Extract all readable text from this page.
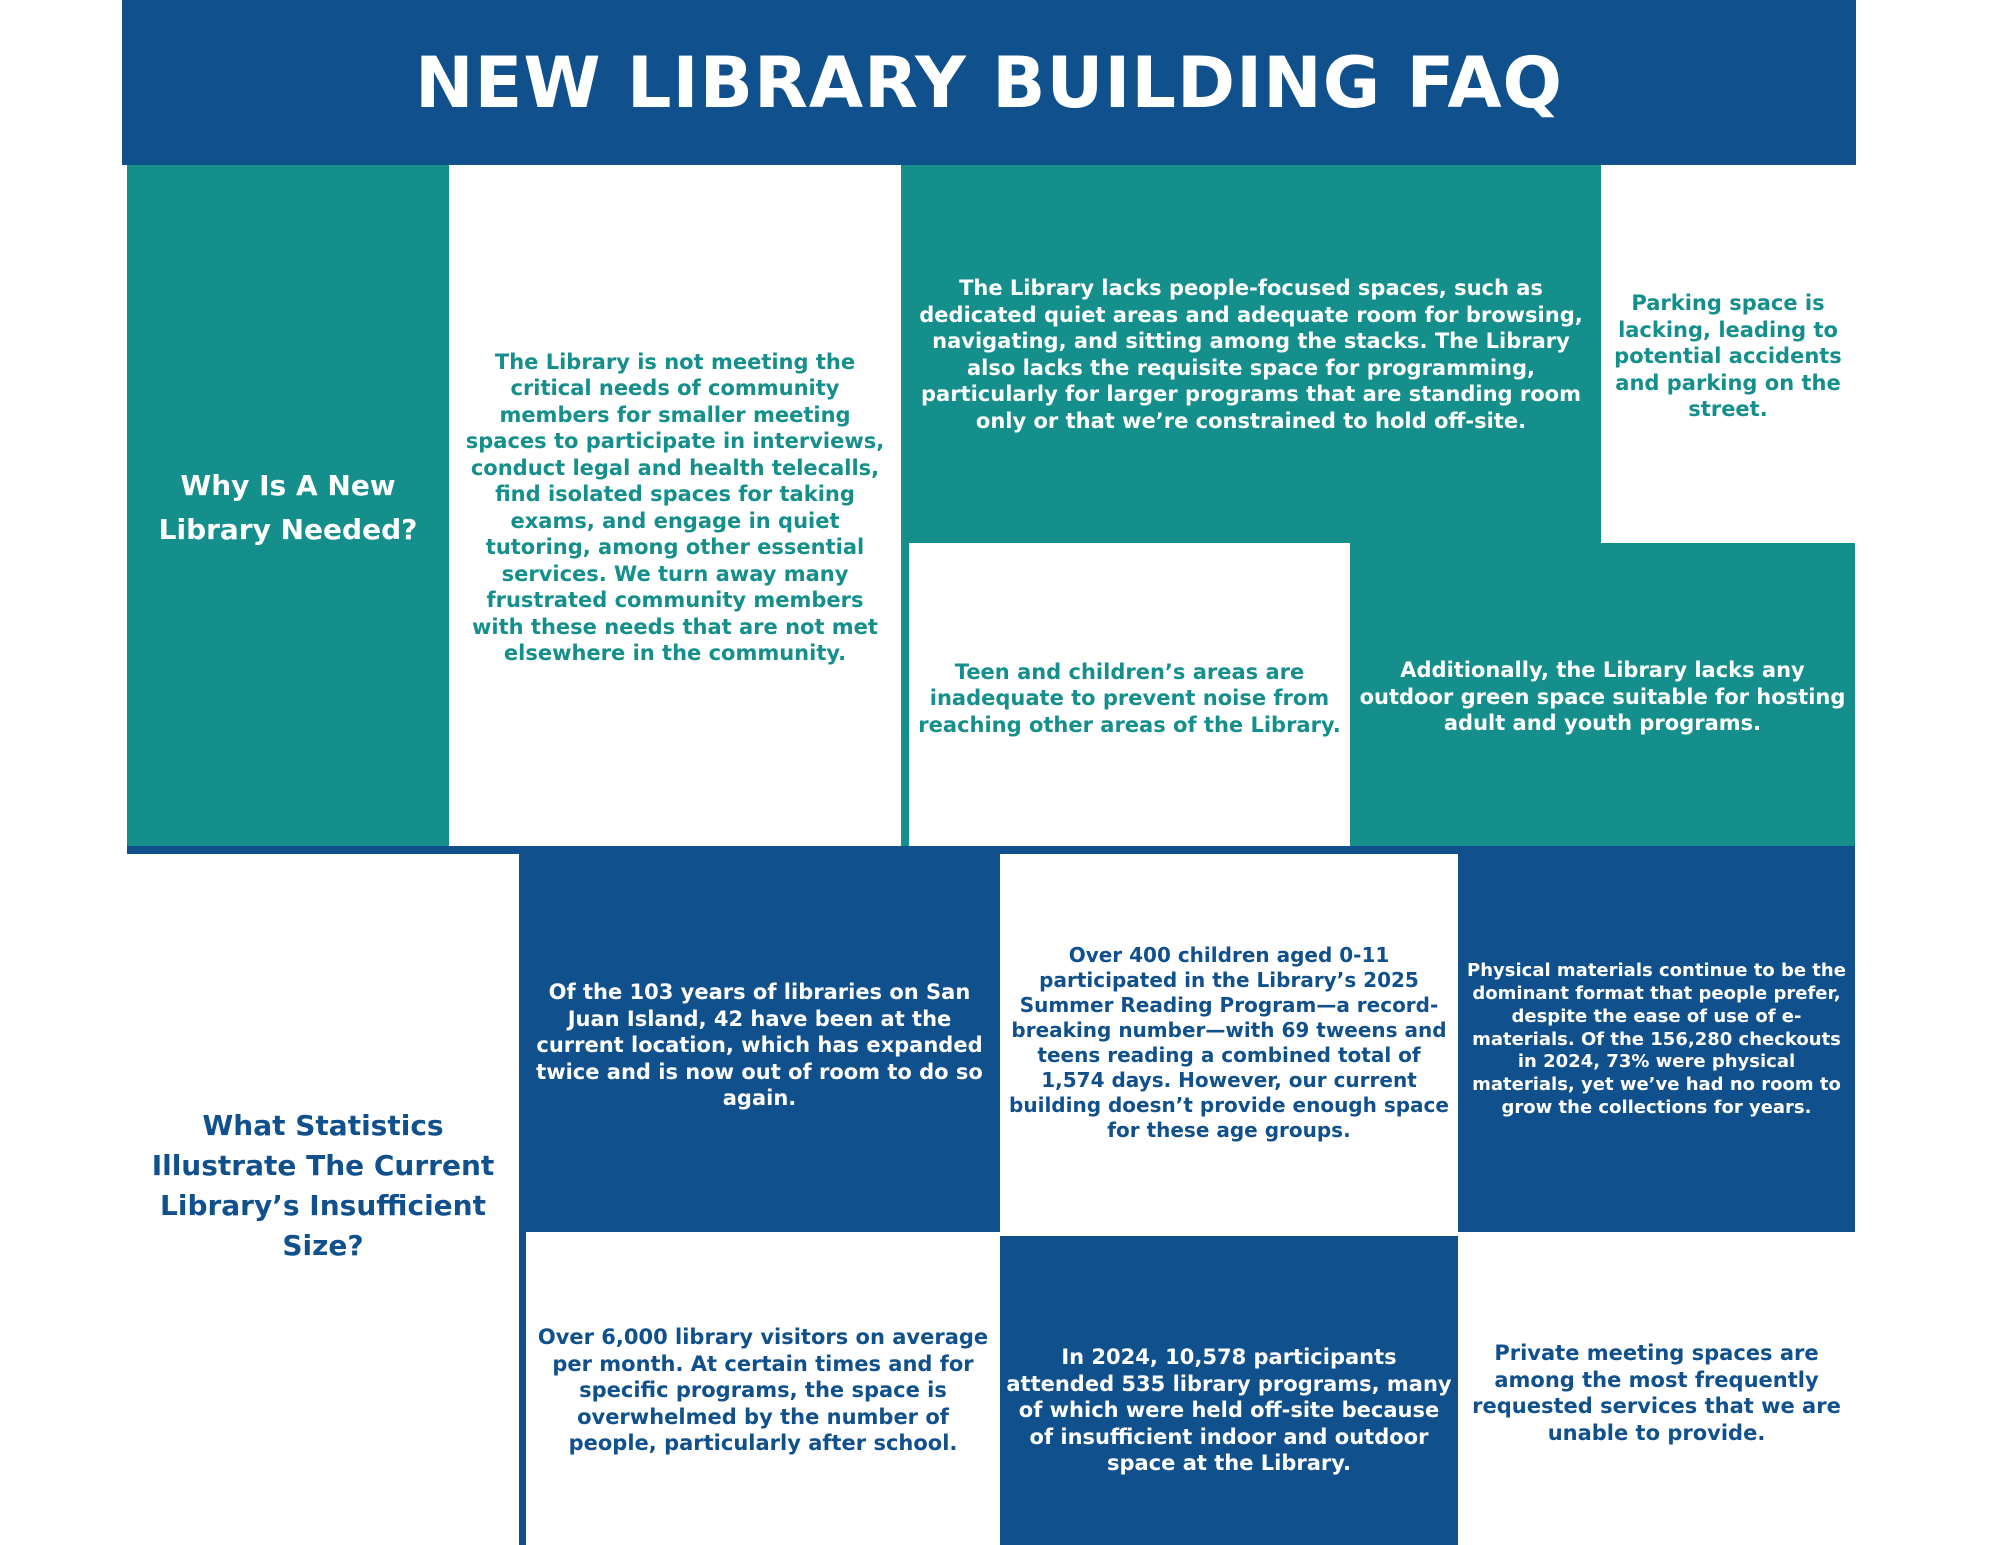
NEW LIBRARY BUILDING FAQ
Why Is A New Library Needed?
The Library is not meeting the critical needs of community members for smaller meeting spaces to participate in interviews, conduct legal and health telecalls, find isolated spaces for taking exams, and engage in quiet tutoring, among other essential services. We turn away many frustrated community members with these needs that are not met elsewhere in the community.
The Library lacks people-focused spaces, such as dedicated quiet areas and adequate room for browsing, navigating, and sitting among the stacks. The Library also lacks the requisite space for programming, particularly for larger programs that are standing room only or that we’re constrained to hold off-site.
Parking space is lacking, leading to potential accidents and parking on the street.
Teen and children’s areas are inadequate to prevent noise from reaching other areas of the Library.
Additionally, the Library lacks any outdoor green space suitable for hosting adult and youth programs.
What Statistics Illustrate The Current Library’s Insufficient Size?
Of the 103 years of libraries on San Juan Island, 42 have been at the current location, which has expanded twice and is now out of room to do so again.
Over 400 children aged 0-11 participated in the Library’s 2025 Summer Reading Program—a record-breaking number—with 69 tweens and teens reading a combined total of 1,574 days. However, our current building doesn’t provide enough space for these age groups.
Physical materials continue to be the dominant format that people prefer, despite the ease of use of e-materials. Of the 156,280 checkouts in 2024, 73% were physical materials, yet we’ve had no room to grow the collections for years.
Over 6,000 library visitors on average per month. At certain times and for specific programs, the space is overwhelmed by the number of people, particularly after school.
In 2024, 10,578 participants attended 535 library programs, many of which were held off-site because of insufficient indoor and outdoor space at the Library.
Private meeting spaces are among the most frequently requested services that we are unable to provide.
